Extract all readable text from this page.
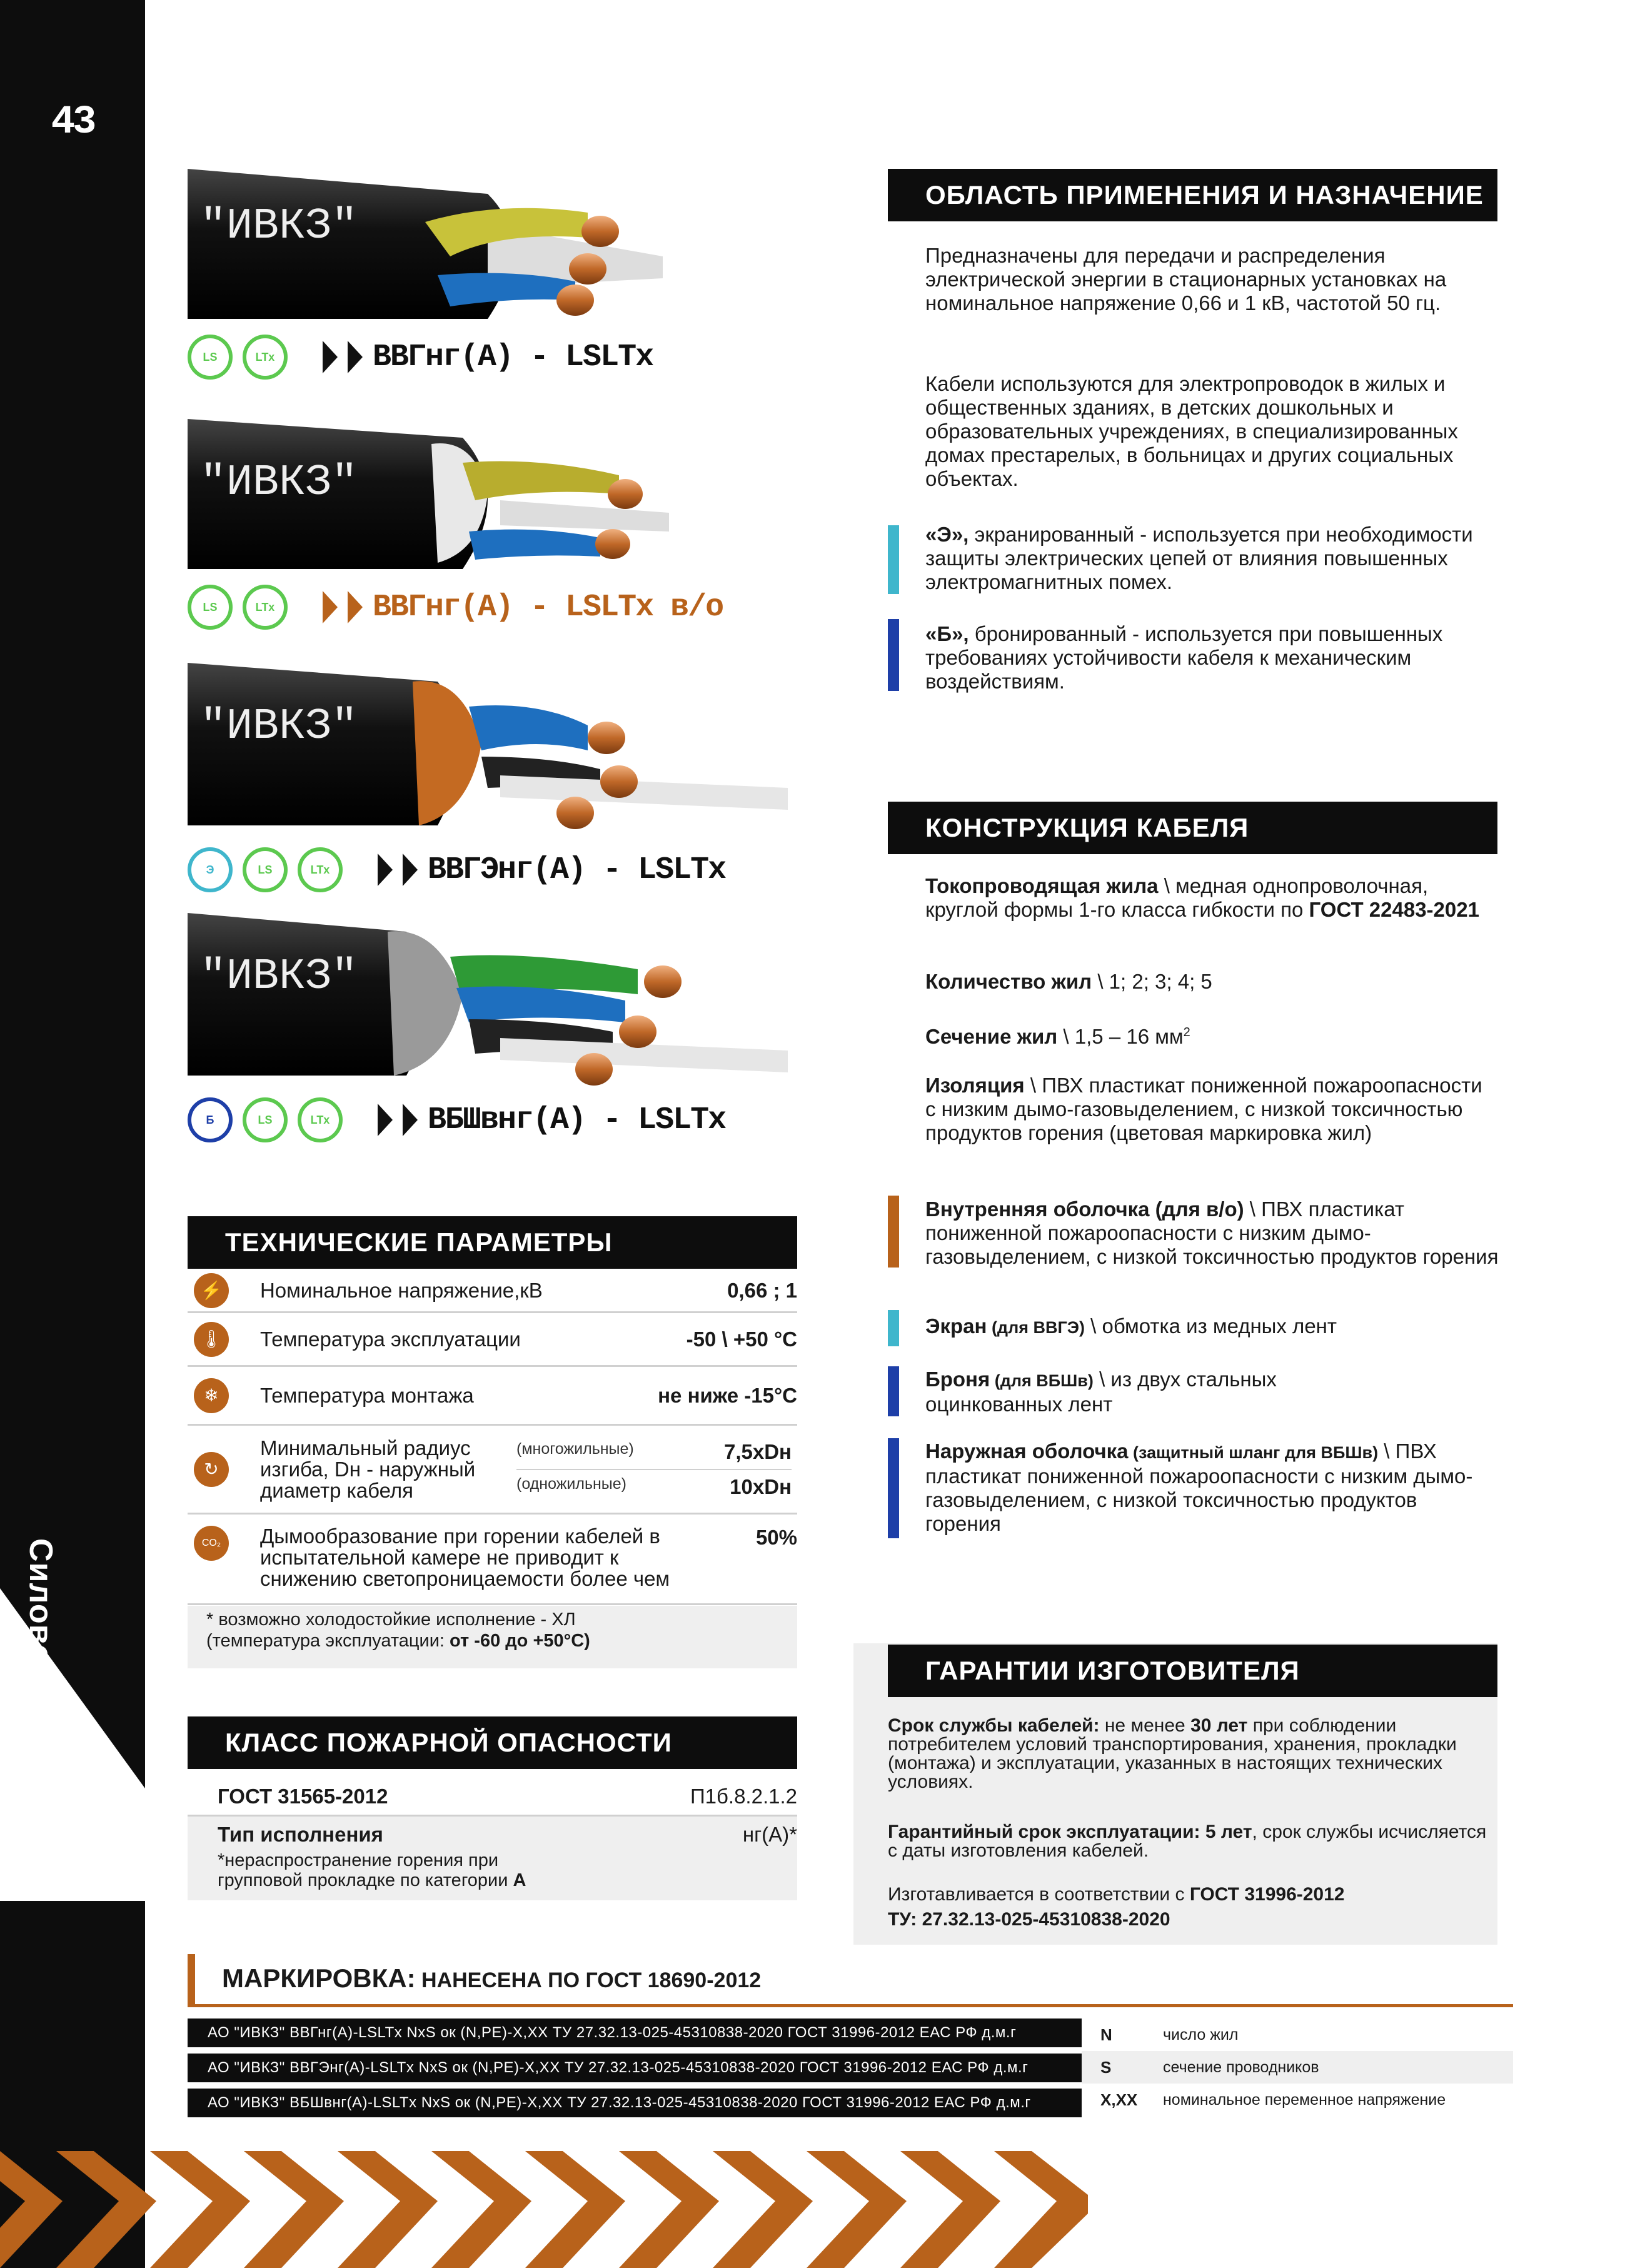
43
Силовой кабель
"ИВКЗ"
"ИВКЗ"
"ИВКЗ"
"ИВКЗ"
LS	LTx	ВВГнг(А) - LSLTx
LS	LTx	ВВГнг(А) - LSLTx в/о
Э	LS	LTx	ВВГЭнг(А) - LSLTx
Б	LS	LTx	ВБШвнг(А) - LSLTx
ОБЛАСТЬ ПРИМЕНЕНИЯ И НАЗНАЧЕНИЕ
Предназначены для передачи и распределения электрической энергии в стационарных установках на номинальное напряжение 0,66 и 1 кВ, частотой 50 гц.
Кабели используются для электропроводок в жилых и общественных зданиях, в детских дошкольных и образовательных учреждениях, в специализированных домах престарелых, в больницах и других социальных объектах.
«Э», экранированный - используется при необходимости защиты электрических цепей от влияния повышенных электромагнитных помех.
«Б», бронированный - используется при повышенных требованиях устойчивости кабеля к механическим воздействиям.
КОНСТРУКЦИЯ КАБЕЛЯ
Токопроводящая жила \ медная однопроволочная, круглой формы 1-го класса гибкости по ГОСТ 22483-2021
Количество жил \ 1; 2; 3; 4; 5
Сечение жил \ 1,5 – 16 $мм^2$
Изоляция \ ПВХ пластикат пониженной пожароопасности с низким дымо-газовыделением, с низкой токсичностью продуктов горения (цветовая маркировка жил)
Внутренняя оболочка (для в/о) \ ПВХ пластикат пониженной пожароопасности с низким дымо-газовыделением, с низкой токсичностью продуктов горения
Экран (для ВВГЭ) \ обмотка из медных лент
Броня (для ВБШв) \ из двух стальных оцинкованных лент
Наружная оболочка (защитный шланг для ВБШв) \ ПВХ пластикат пониженной пожароопасности с низким дымо-газовыделением, с низкой токсичностью продуктов горения
ТЕХНИЧЕСКИЕ ПАРАМЕТРЫ
⚡	Номинальное напряжение,кВ	0,66 ; 1
🌡	Температура эксплуатации	-50 \ +50 °С
❄	Температура монтажа	не ниже -15°С
↻
Минимальный радиус изгиба, Dн - наружный диаметр кабеля
(многожильные)	7,5хDн
(одножильные)	10хDн
CO₂	Дымообразование при горении кабелей в испытательной камере не приводит к снижению светопроницаемости более чем
50%
* возможно холодостойкие исполнение - ХЛ
(температура эксплуатации: от -60 до +50°С)
КЛАСС ПОЖАРНОЙ ОПАСНОСТИ
ГОСТ 31565-2012	П1б.8.2.1.2
Тип исполнения	нг(А)*
*нераспространение горения при групповой прокладке по категории А
ГАРАНТИИ ИЗГОТОВИТЕЛЯ
Срок службы кабелей: не менее 30 лет при соблюдении потребителем условий транспортирования, хранения, прокладки (монтажа) и эксплуатации, указанных в настоящих технических условиях.
Гарантийный срок эксплуатации: 5 лет, срок службы исчисляется с даты изготовления кабелей.
Изготавливается в соответствии с ГОСТ 31996-2012
ТУ: 27.32.13-025-45310838-2020
МАРКИРОВКА: НАНЕСЕНА ПО ГОСТ 18690-2012
АО "ИВКЗ" ВВГнг(А)-LSLTx NxS ок (N,PE)-X,XX ТУ 27.32.13-025-45310838-2020 ГОСТ 31996-2012 ЕАС РФ д.м.г
АО "ИВКЗ" ВВГЭнг(А)-LSLTx NxS ок (N,PE)-X,XX ТУ 27.32.13-025-45310838-2020 ГОСТ 31996-2012 ЕАС РФ д.м.г
АО "ИВКЗ" ВБШвнг(А)-LSLTx NxS ок (N,PE)-X,XX ТУ 27.32.13-025-45310838-2020 ГОСТ 31996-2012 ЕАС РФ д.м.г
N	число жил
S	сечение проводников
X,XX	номинальное переменное напряжение
